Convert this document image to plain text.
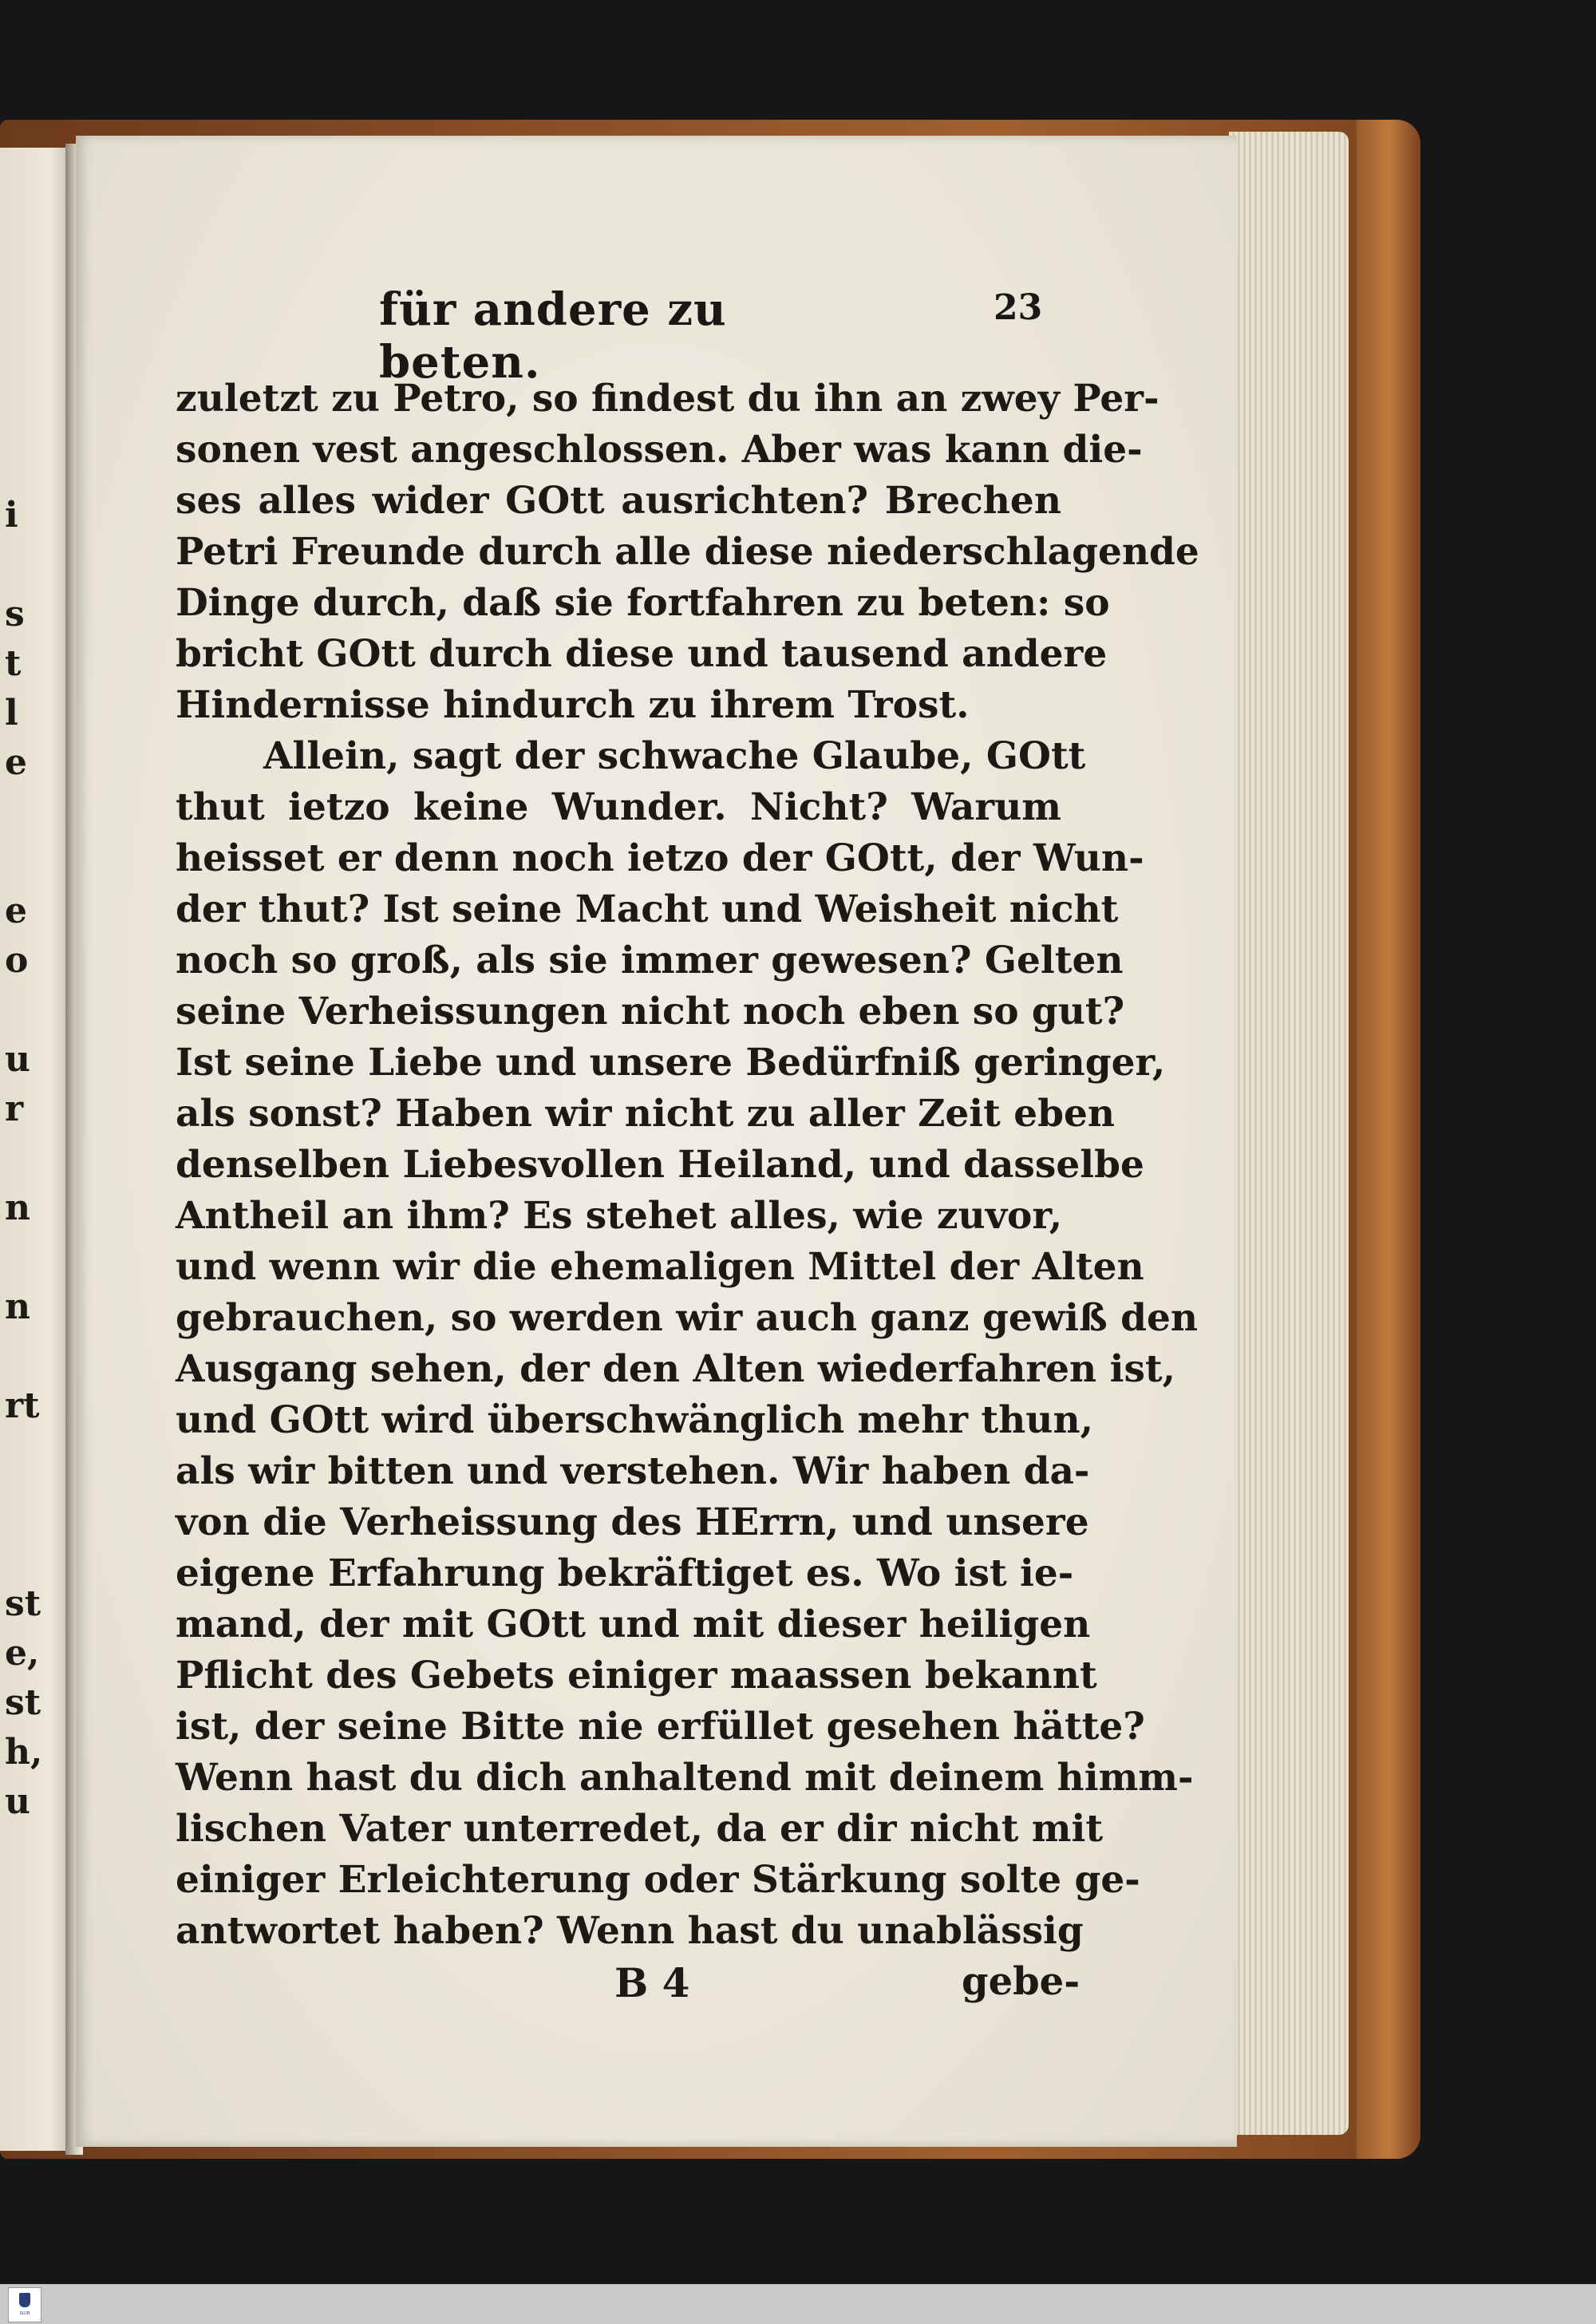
i
s
t
l
e
e
o
u
r
n
n
rt
st
e,
st
h,
u
für andere zu beten.
23
zuletzt zu Petro, so findest du ihn an zwey Per-
sonen vest angeschlossen. Aber was kann die-
ses alles wider GOtt ausrichten? Brechen
Petri Freunde durch alle diese niederschlagende
Dinge durch, daß sie fortfahren zu beten: so
bricht GOtt durch diese und tausend andere
Hindernisse hindurch zu ihrem Trost.
Allein, sagt der schwache Glaube, GOtt
thut ietzo keine Wunder. Nicht? Warum
heisset er denn noch ietzo der GOtt, der Wun-
der thut? Ist seine Macht und Weisheit nicht
noch so groß, als sie immer gewesen? Gelten
seine Verheissungen nicht noch eben so gut?
Ist seine Liebe und unsere Bedürfniß geringer,
als sonst? Haben wir nicht zu aller Zeit eben
denselben Liebesvollen Heiland, und dasselbe
Antheil an ihm? Es stehet alles, wie zuvor,
und wenn wir die ehemaligen Mittel der Alten
gebrauchen, so werden wir auch ganz gewiß den
Ausgang sehen, der den Alten wiederfahren ist,
und GOtt wird überschwänglich mehr thun,
als wir bitten und verstehen. Wir haben da-
von die Verheissung des HErrn, und unsere
eigene Erfahrung bekräftiget es. Wo ist ie-
mand, der mit GOtt und mit dieser heiligen
Pflicht des Gebets einiger maassen bekannt
ist, der seine Bitte nie erfüllet gesehen hätte?
Wenn hast du dich anhaltend mit deinem himm-
lischen Vater unterredet, da er dir nicht mit
einiger Erleichterung oder Stärkung solte ge-
antwortet haben? Wenn hast du unablässig
B 4	gebe-
SLUB
